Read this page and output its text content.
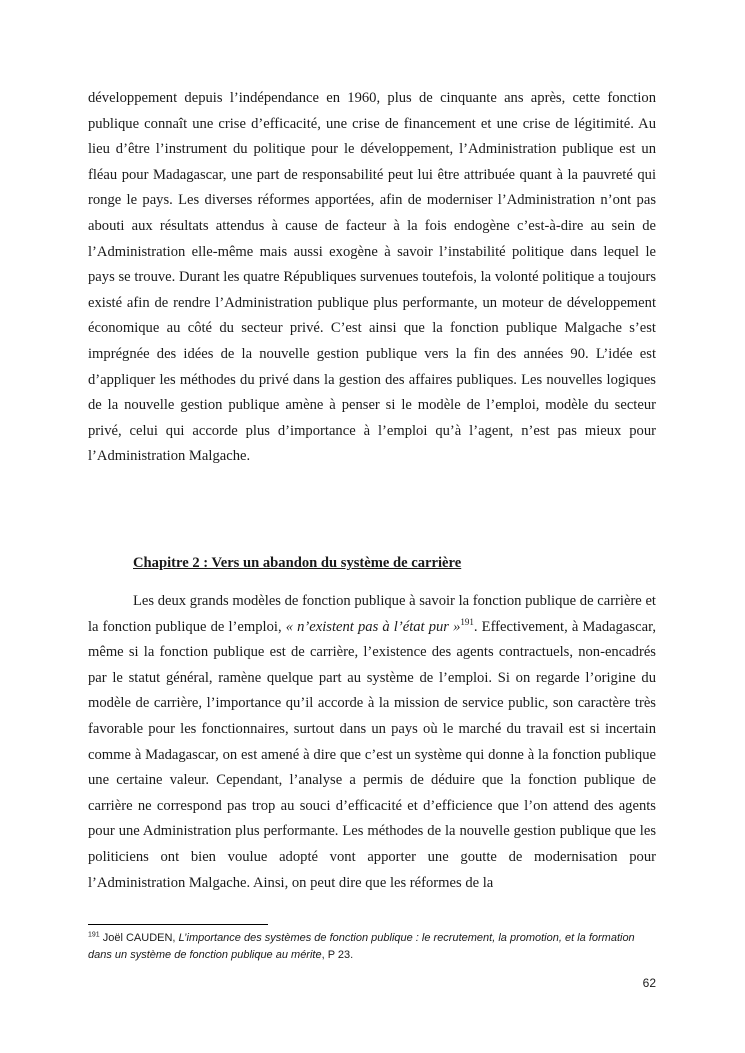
développement depuis l’indépendance en 1960, plus de cinquante ans après, cette fonction publique connaît une crise d’efficacité, une crise de financement et une crise de légitimité. Au lieu d’être l’instrument du politique pour le développement, l’Administration publique est un fléau pour Madagascar, une part de responsabilité peut lui être attribuée quant à la pauvreté qui ronge le pays. Les diverses réformes apportées, afin de moderniser l’Administration n’ont pas abouti aux résultats attendus à cause de facteur à la fois endogène c’est-à-dire au sein de l’Administration elle-même mais aussi exogène à savoir l’instabilité politique dans lequel le pays se trouve. Durant les quatre Républiques survenues toutefois, la volonté politique a toujours existé afin de rendre l’Administration publique plus performante, un moteur de développement économique au côté du secteur privé. C’est ainsi que la fonction publique Malgache s’est imprégnée des idées de la nouvelle gestion publique vers la fin des années 90. L’idée est d’appliquer les méthodes du privé dans la gestion des affaires publiques. Les nouvelles logiques de la nouvelle gestion publique amène à penser si le modèle de l’emploi, modèle du secteur privé, celui qui accorde plus d’importance à l’emploi qu’à l’agent, n’est pas mieux pour l’Administration Malgache.

Chapitre 2 : Vers un abandon du système de carrière

Les deux grands modèles de fonction publique à savoir la fonction publique de carrière et la fonction publique de l’emploi, « n’existent pas à l’état pur »$^{191}$. Effectivement, à Madagascar, même si la fonction publique est de carrière, l’existence des agents contractuels, non-encadrés par le statut général, ramène quelque part au système de l’emploi. Si on regarde l’origine du modèle de carrière, l’importance qu’il accorde à la mission de service public, son caractère très favorable pour les fonctionnaires, surtout dans un pays où le marché du travail est si incertain comme à Madagascar, on est amené à dire que c’est un système qui donne à la fonction publique une certaine valeur. Cependant, l’analyse a permis de déduire que la fonction publique de carrière ne correspond pas trop au souci d’efficacité et d’efficience que l’on attend des agents pour une Administration plus performante. Les méthodes de la nouvelle gestion publique que les politiciens ont bien voulue adopté vont apporter une goutte de modernisation pour l’Administration Malgache. Ainsi, on peut dire que les réformes de la

$^{191}$ Joël CAUDEN, L’importance des systèmes de fonction publique : le recrutement, la promotion, et la formation dans un système de fonction publique au mérite, P 23.

62
